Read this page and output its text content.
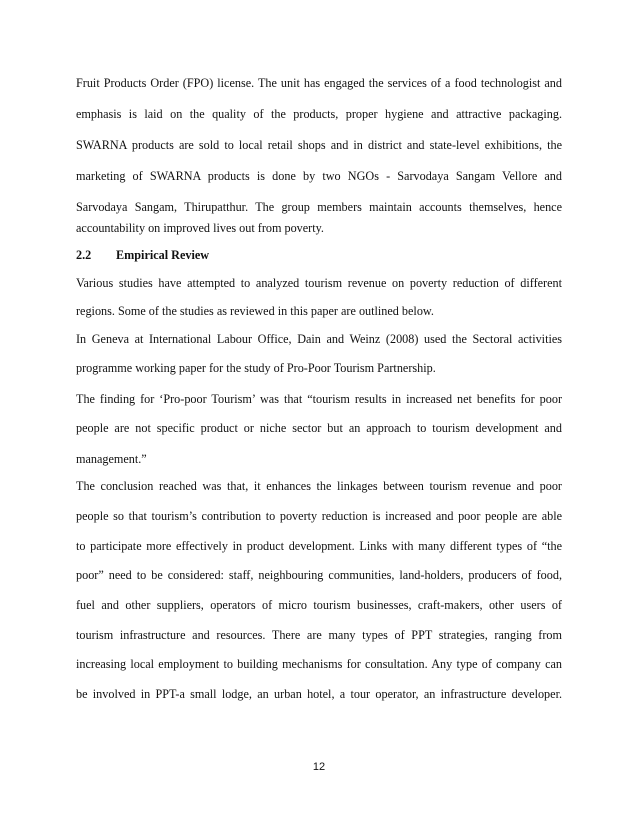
Fruit Products Order (FPO) license. The unit has engaged the services of a food technologist and
emphasis is laid on the quality of the products, proper hygiene and attractive packaging.
SWARNA products are sold to local retail shops and in district and state-level exhibitions, the
marketing of SWARNA products is done by two NGOs - Sarvodaya Sangam Vellore and
Sarvodaya Sangam, Thirupatthur. The group members maintain accounts themselves, hence
accountability on improved lives out from poverty.
2.2 Empirical Review
Various studies have attempted to analyzed tourism revenue on poverty reduction of different
regions. Some of the studies as reviewed in this paper are outlined below.
In Geneva at International Labour Office, Dain and Weinz (2008) used the Sectoral activities
programme working paper for the study of Pro-Poor Tourism Partnership.
The finding for ‘Pro-poor Tourism’ was that “tourism results in increased net benefits for poor
people are not specific product or niche sector but an approach to tourism development and
management.”
The conclusion reached was that, it enhances the linkages between tourism revenue and poor
people so that tourism’s contribution to poverty reduction is increased and poor people are able
to participate more effectively in product development. Links with many different types of “the
poor” need to be considered: staff, neighbouring communities, land-holders, producers of food,
fuel and other suppliers, operators of micro tourism businesses, craft-makers, other users of
tourism infrastructure and resources. There are many types of PPT strategies, ranging from
increasing local employment to building mechanisms for consultation. Any type of company can
be involved in PPT-a small lodge, an urban hotel, a tour operator, an infrastructure developer.
12
